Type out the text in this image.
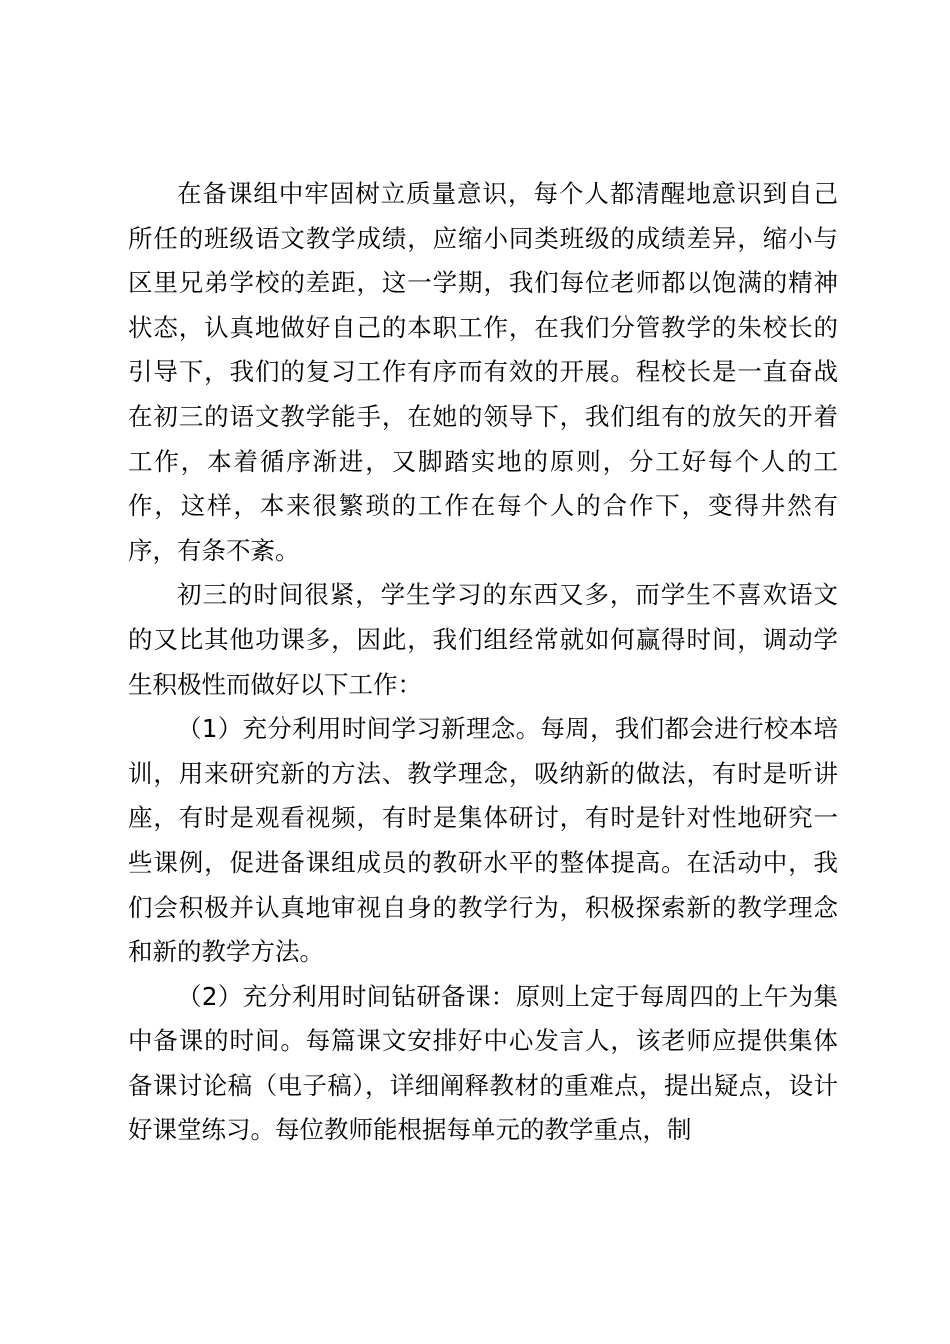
在备课组中牢固树立质量意识，每个人都清醒地意识到自己所任的班级语文教学成绩，应缩小同类班级的成绩差异，缩小与区里兄弟学校的差距，这一学期，我们每位老师都以饱满的精神状态，认真地做好自己的本职工作，在我们分管教学的朱校长的引导下，我们的复习工作有序而有效的开展。程校长是一直奋战在初三的语文教学能手，在她的领导下，我们组有的放矢的开着工作，本着循序渐进，又脚踏实地的原则，分工好每个人的工作，这样，本来很繁琐的工作在每个人的合作下，变得井然有序，有条不紊。

初三的时间很紧，学生学习的东西又多，而学生不喜欢语文的又比其他功课多，因此，我们组经常就如何赢得时间，调动学生积极性而做好以下工作：

（1）充分利用时间学习新理念。每周，我们都会进行校本培训，用来研究新的方法、教学理念，吸纳新的做法，有时是听讲座，有时是观看视频，有时是集体研讨，有时是针对性地研究一些课例，促进备课组成员的教研水平的整体提高。在活动中，我们会积极并认真地审视自身的教学行为，积极探索新的教学理念和新的教学方法。

（2）充分利用时间钻研备课：原则上定于每周四的上午为集中备课的时间。每篇课文安排好中心发言人，该老师应提供集体备课讨论稿（电子稿），详细阐释教材的重难点，提出疑点，设计好课堂练习。每位教师能根据每单元的教学重点，制
